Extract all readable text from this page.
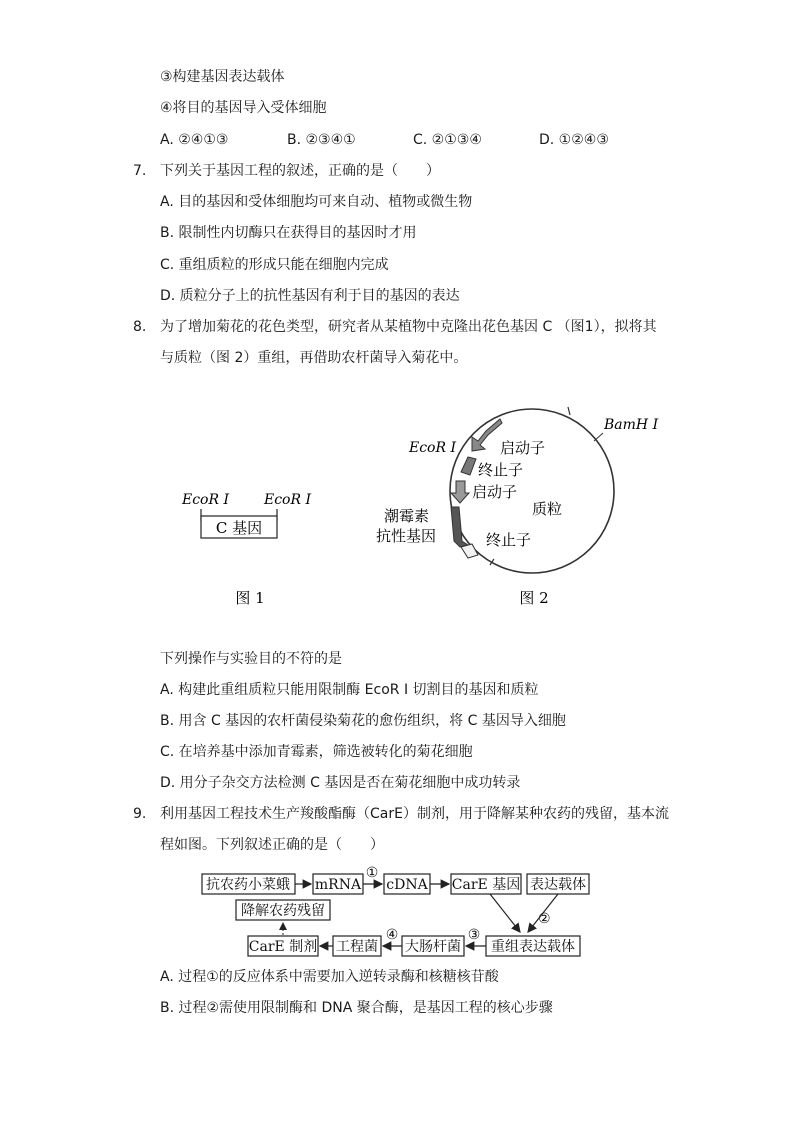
③构建基因表达载体
④将目的基因导入受体细胞
A. ②④①③	B. ②③④①	C. ②①③④	D. ①②④③
7. 下列关于基因工程的叙述，正确的是（　　）
A. 目的基因和受体细胞均可来自动、植物或微生物
B. 限制性内切酶只在获得目的基因时才用
C. 重组质粒的形成只能在细胞内完成
D. 质粒分子上的抗性基因有利于目的基因的表达
8. 为了增加菊花的花色类型，研究者从某植物中克隆出花色基因 C （图1），拟将其
与质粒（图 2）重组，再借助农杆菌导入菊花中。
EcoR Ⅰ EcoR Ⅰ
C 基因
图 1
EcoR Ⅰ
BamH Ⅰ
启动子
终止子
启动子
质粒
潮霉素
抗性基因	终止子
图 2
下列操作与实验目的不符的是
A. 构建此重组质粒只能用限制酶 EcoR Ⅰ 切割目的基因和质粒
B. 用含 C 基因的农杆菌侵染菊花的愈伤组织，将 C 基因导入细胞
C. 在培养基中添加青霉素，筛选被转化的菊花细胞
D. 用分子杂交方法检测 C 基因是否在菊花细胞中成功转录
9. 利用基因工程技术生产羧酸酯酶（CarE）制剂，用于降解某种农药的残留，基本流
程如图。下列叙述正确的是（　　）
抗农药小菜蛾 mRNA cDNA CarE 基因 表达载体
①
②
降解农药残留
CarE 制剂 工程菌 大肠杆菌 重组表达载体
③
④
A. 过程①的反应体系中需要加入逆转录酶和核糖核苷酸
B. 过程②需使用限制酶和 DNA 聚合酶，是基因工程的核心步骤
